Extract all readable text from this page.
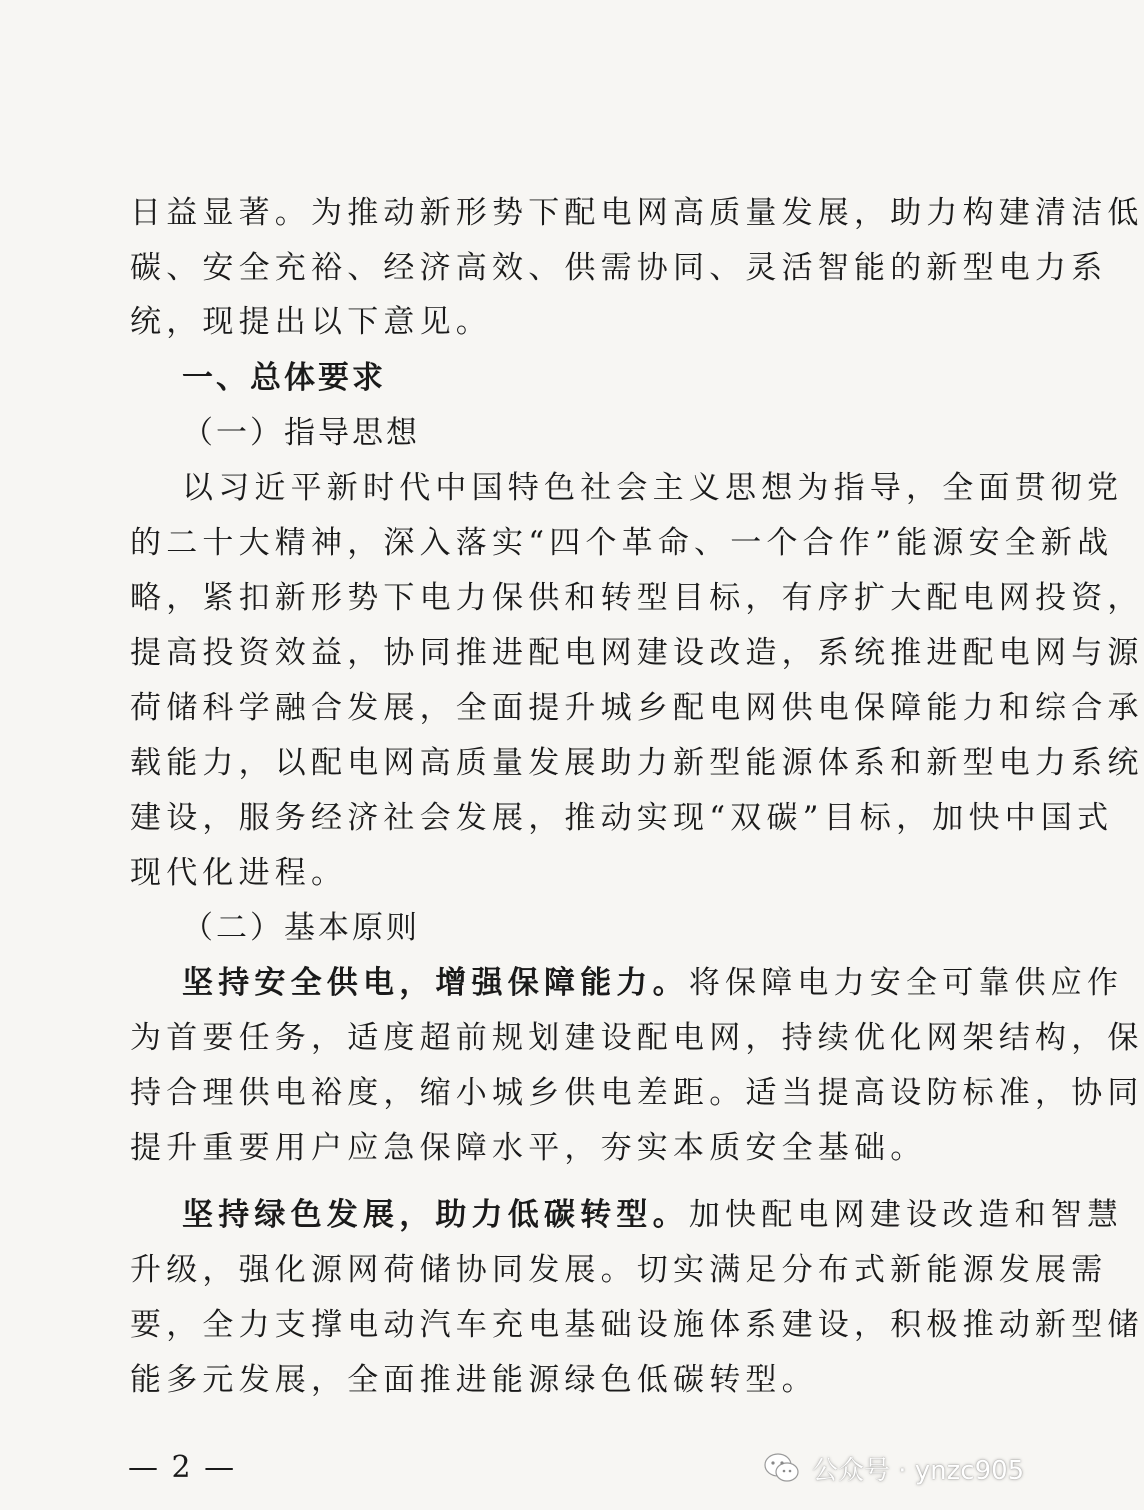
日益显著。为推动新形势下配电网高质量发展，助力构建清洁低
碳、安全充裕、经济高效、供需协同、灵活智能的新型电力系
统，现提出以下意见。
一、总体要求
（一）指导思想
以习近平新时代中国特色社会主义思想为指导，全面贯彻党
的二十大精神，深入落实“四个革命、一个合作”能源安全新战
略，紧扣新形势下电力保供和转型目标，有序扩大配电网投资，
提高投资效益，协同推进配电网建设改造，系统推进配电网与源
荷储科学融合发展，全面提升城乡配电网供电保障能力和综合承
载能力，以配电网高质量发展助力新型能源体系和新型电力系统
建设，服务经济社会发展，推动实现“双碳”目标，加快中国式
现代化进程。
（二）基本原则
坚持安全供电，增强保障能力。将保障电力安全可靠供应作
为首要任务，适度超前规划建设配电网，持续优化网架结构，保
持合理供电裕度，缩小城乡供电差距。适当提高设防标准，协同
提升重要用户应急保障水平，夯实本质安全基础。
坚持绿色发展，助力低碳转型。加快配电网建设改造和智慧
升级，强化源网荷储协同发展。切实满足分布式新能源发展需
要，全力支撑电动汽车充电基础设施体系建设，积极推动新型储
能多元发展，全面推进能源绿色低碳转型。
— 2 —	公众号 · ynzc905
